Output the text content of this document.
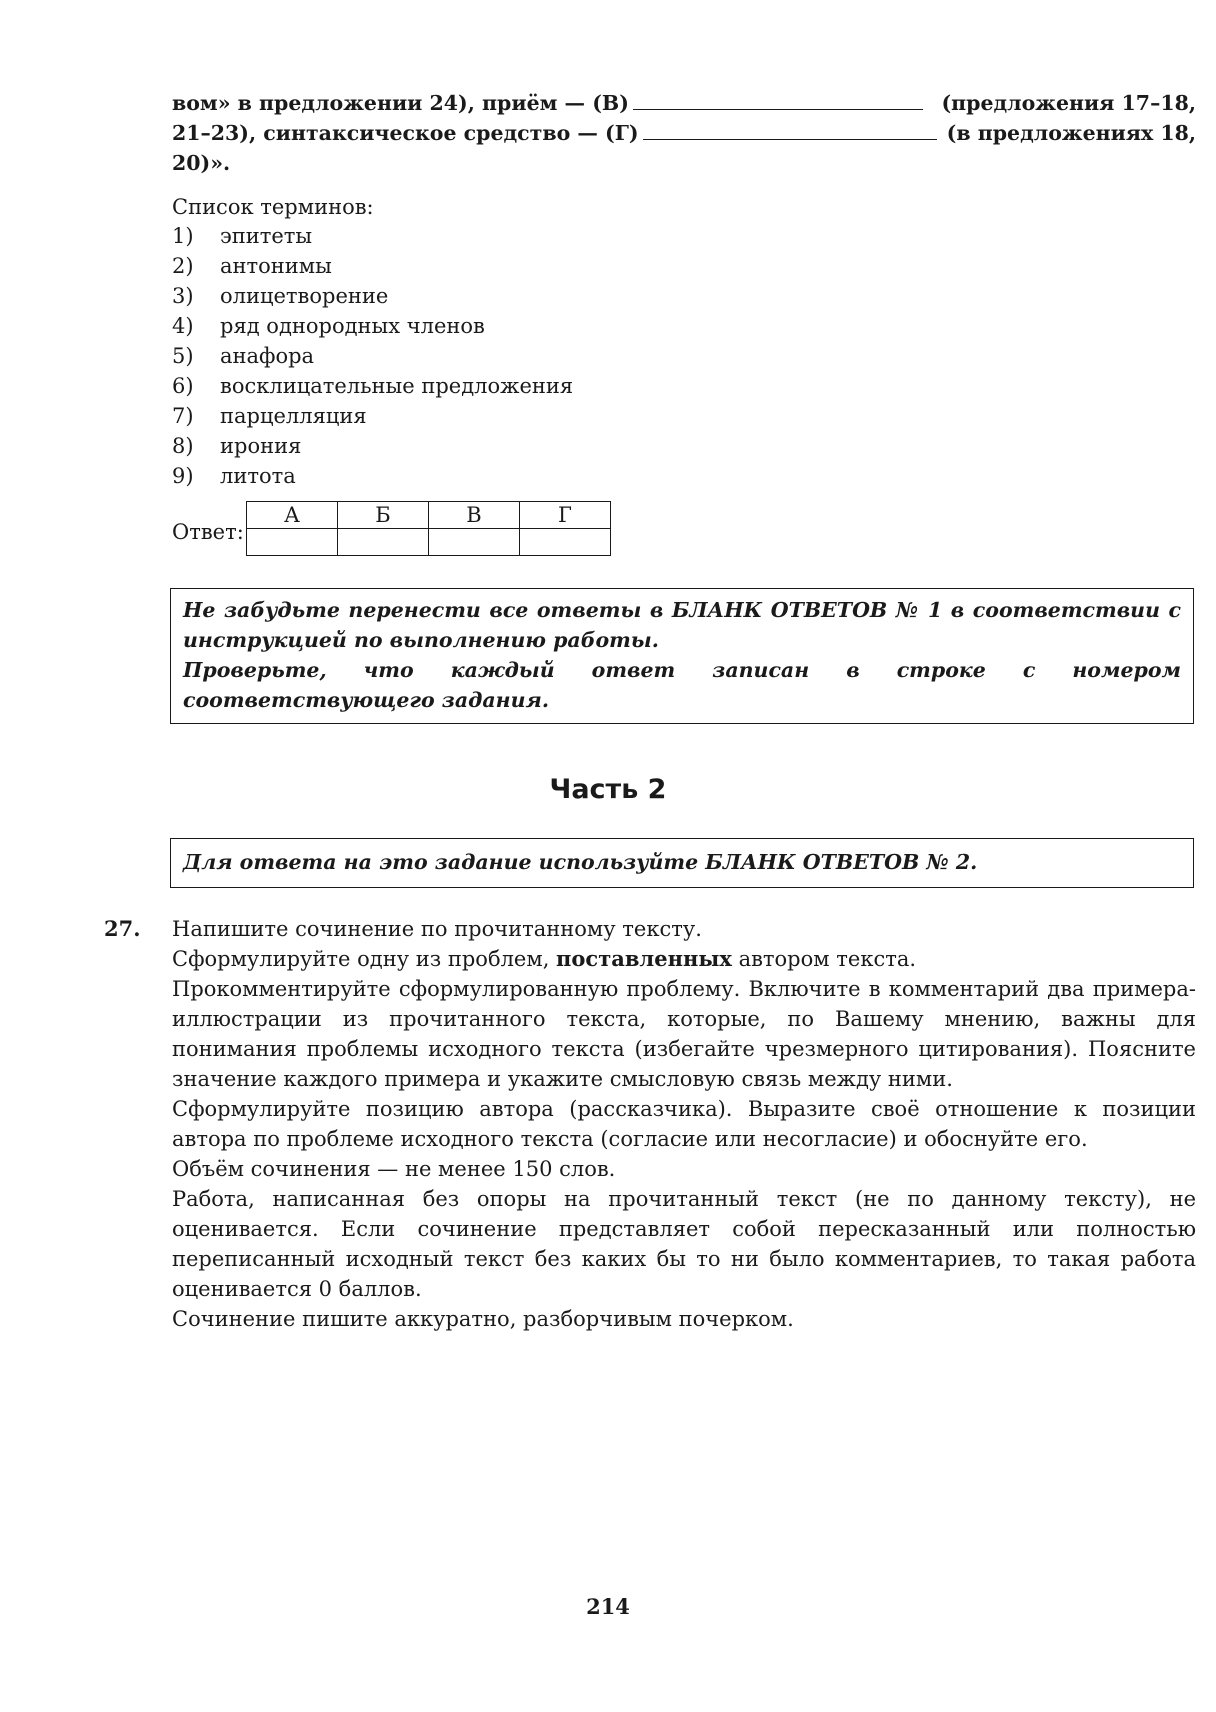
вом» в предложении 24), приём — (В)	(предложения 17–18,
21–23), синтаксическое средство — (Г)	(в предложениях 18,
20)».
Список терминов:
1)	эпитеты
2)	антонимы
3)	олицетворение
4)	ряд однородных членов
5)	анафора
6)	восклицательные предложения
7)	парцелляция
8)	ирония
9)	литота
Ответ:
А	Б	В	Г

Не забудьте перенести все ответы в БЛАНК ОТВЕТОВ № 1 в соответствии с инструкцией по выполнению работы.
Проверьте, что каждый ответ записан в строке с номером соответствующего задания.
Часть 2
Для ответа на это задание используйте БЛАНК ОТВЕТОВ № 2.
27. Напишите сочинение по прочитанному тексту.

Сформулируйте одну из проблем, поставленных автором текста.

Прокомментируйте сформулированную проблему. Включите в комментарий два примера-иллюстрации из прочитанного текста, которые, по Вашему мнению, важны для понимания проблемы исходного текста (избегайте чрезмерного цитирования). Поясните значение каждого примера и укажите смысловую связь между ними.

Сформулируйте позицию автора (рассказчика). Выразите своё отношение к позиции автора по проблеме исходного текста (согласие или несогласие) и обоснуйте его.

Объём сочинения — не менее 150 слов.

Работа, написанная без опоры на прочитанный текст (не по данному тексту), не оценивается. Если сочинение представляет собой пересказанный или полностью переписанный исходный текст без каких бы то ни было комментариев, то такая работа оценивается 0 баллов.

Сочинение пишите аккуратно, разборчивым почерком.

214
